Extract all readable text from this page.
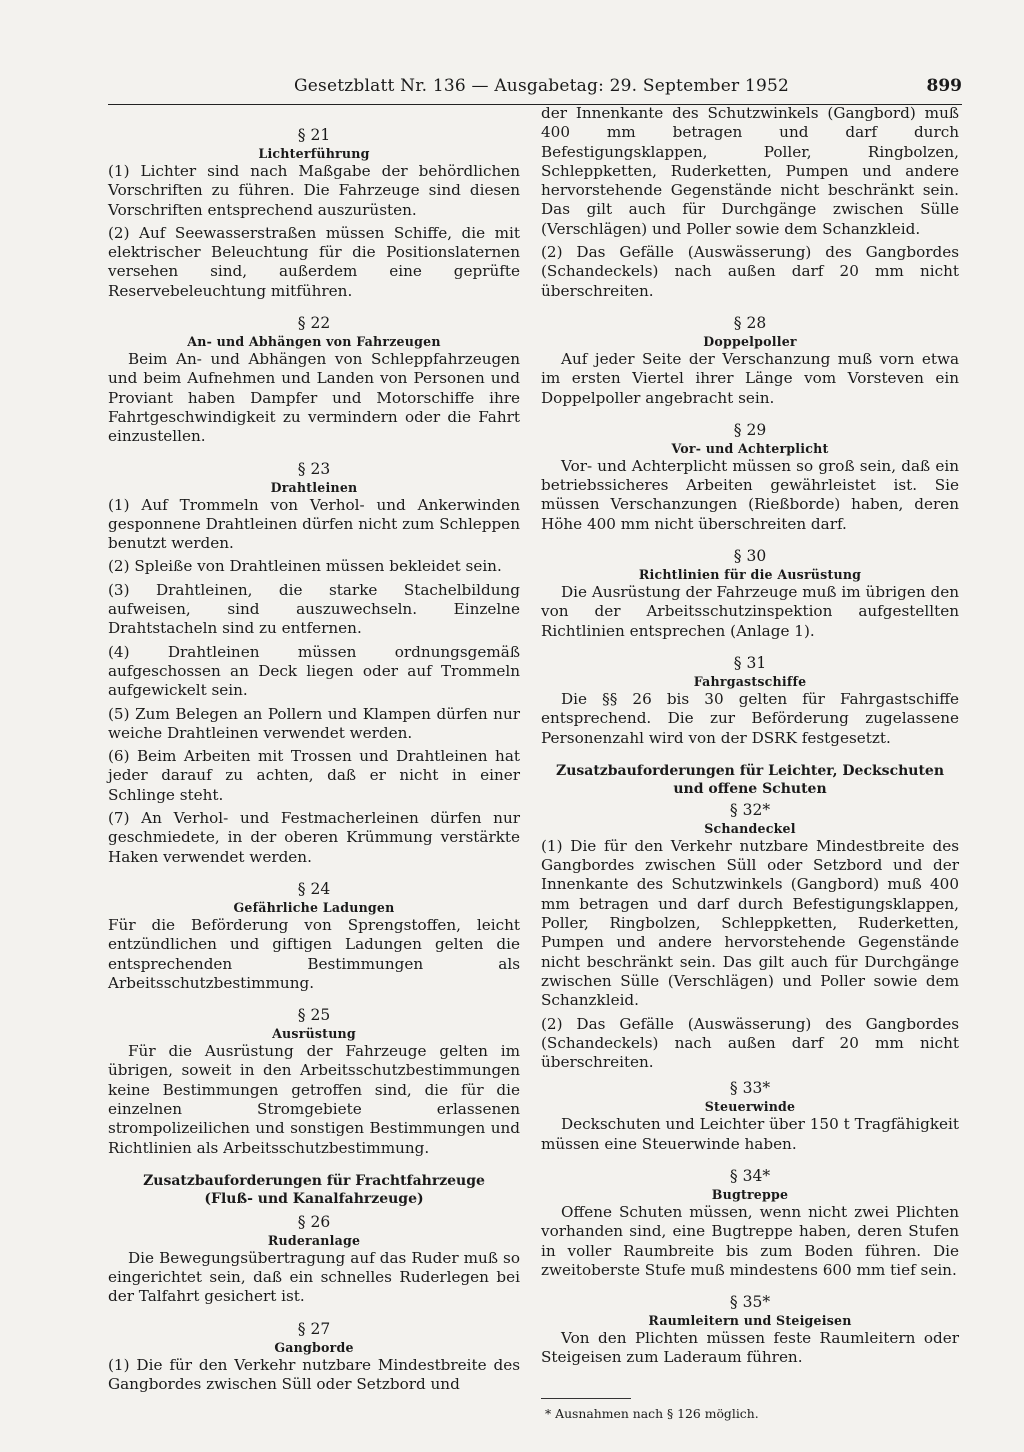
Gesetzblatt Nr. 136 — Ausgabetag: 29. September 1952	899
§ 21
Lichterführung

(1) Lichter sind nach Maßgabe der behördlichen Vorschriften zu führen. Die Fahrzeuge sind diesen Vorschriften entsprechend auszurüsten.

(2) Auf Seewasserstraßen müssen Schiffe, die mit elektrischer Beleuchtung für die Positionslaternen versehen sind, außerdem eine geprüfte Reservebeleuchtung mitführen.

§ 22
An- und Abhängen von Fahrzeugen

Beim An- und Abhängen von Schleppfahrzeugen und beim Aufnehmen und Landen von Personen und Proviant haben Dampfer und Motorschiffe ihre Fahrtgeschwindigkeit zu vermindern oder die Fahrt einzustellen.

§ 23
Drahtleinen

(1) Auf Trommeln von Verhol- und Ankerwinden gesponnene Drahtleinen dürfen nicht zum Schleppen benutzt werden.

(2) Spleiße von Drahtleinen müssen bekleidet sein.

(3) Drahtleinen, die starke Stachelbildung aufweisen, sind auszuwechseln. Einzelne Drahtstacheln sind zu entfernen.

(4) Drahtleinen müssen ordnungsgemäß aufgeschossen an Deck liegen oder auf Trommeln aufgewickelt sein.

(5) Zum Belegen an Pollern und Klampen dürfen nur weiche Drahtleinen verwendet werden.

(6) Beim Arbeiten mit Trossen und Drahtleinen hat jeder darauf zu achten, daß er nicht in einer Schlinge steht.

(7) An Verhol- und Festmacherleinen dürfen nur geschmiedete, in der oberen Krümmung verstärkte Haken verwendet werden.

§ 24
Gefährliche Ladungen

Für die Beförderung von Sprengstoffen, leicht entzündlichen und giftigen Ladungen gelten die entsprechenden Bestimmungen als Arbeitsschutzbestimmung.

§ 25
Ausrüstung

Für die Ausrüstung der Fahrzeuge gelten im übrigen, soweit in den Arbeitsschutzbestimmungen keine Bestimmungen getroffen sind, die für die einzelnen Stromgebiete erlassenen strompolizeilichen und sonstigen Bestimmungen und Richtlinien als Arbeitsschutzbestimmung.

Zusatzbauforderungen für Frachtfahrzeuge
(Fluß- und Kanalfahrzeuge)
§ 26
Ruderanlage

Die Bewegungsübertragung auf das Ruder muß so eingerichtet sein, daß ein schnelles Ruderlegen bei der Talfahrt gesichert ist.

§ 27
Gangborde

(1) Die für den Verkehr nutzbare Mindestbreite des Gangbordes zwischen Süll oder Setzbord und

der Innenkante des Schutzwinkels (Gangbord) muß 400 mm betragen und darf durch Befestigungsklappen, Poller, Ringbolzen, Schleppketten, Ruderketten, Pumpen und andere hervorstehende Gegenstände nicht beschränkt sein. Das gilt auch für Durchgänge zwischen Sülle (Verschlägen) und Poller sowie dem Schanzkleid.

(2) Das Gefälle (Auswässerung) des Gangbordes (Schandeckels) nach außen darf 20 mm nicht überschreiten.

§ 28
Doppelpoller

Auf jeder Seite der Verschanzung muß vorn etwa im ersten Viertel ihrer Länge vom Vorsteven ein Doppelpoller angebracht sein.

§ 29
Vor- und Achterplicht

Vor- und Achterplicht müssen so groß sein, daß ein betriebssicheres Arbeiten gewährleistet ist. Sie müssen Verschanzungen (Rießborde) haben, deren Höhe 400 mm nicht überschreiten darf.

§ 30
Richtlinien für die Ausrüstung

Die Ausrüstung der Fahrzeuge muß im übrigen den von der Arbeitsschutzinspektion aufgestellten Richtlinien entsprechen (Anlage 1).

§ 31
Fahrgastschiffe

Die §§ 26 bis 30 gelten für Fahrgastschiffe entsprechend. Die zur Beförderung zugelassene Personenzahl wird von der DSRK festgesetzt.

Zusatzbauforderungen für Leichter, Deckschuten
und offene Schuten
§ 32*
Schandeckel

(1) Die für den Verkehr nutzbare Mindestbreite des Gangbordes zwischen Süll oder Setzbord und der Innenkante des Schutzwinkels (Gangbord) muß 400 mm betragen und darf durch Befestigungsklappen, Poller, Ringbolzen, Schleppketten, Ruderketten, Pumpen und andere hervorstehende Gegenstände nicht beschränkt sein. Das gilt auch für Durchgänge zwischen Sülle (Verschlägen) und Poller sowie dem Schanzkleid.

(2) Das Gefälle (Auswässerung) des Gangbordes (Schandeckels) nach außen darf 20 mm nicht überschreiten.

§ 33*
Steuerwinde

Deckschuten und Leichter über 150 t Tragfähigkeit müssen eine Steuerwinde haben.

§ 34*
Bugtreppe

Offene Schuten müssen, wenn nicht zwei Plichten vorhanden sind, eine Bugtreppe haben, deren Stufen in voller Raumbreite bis zum Boden führen. Die zweitoberste Stufe muß mindestens 600 mm tief sein.

§ 35*
Raumleitern und Steigeisen

Von den Plichten müssen feste Raumleitern oder Steigeisen zum Laderaum führen.

* Ausnahmen nach § 126 möglich.
